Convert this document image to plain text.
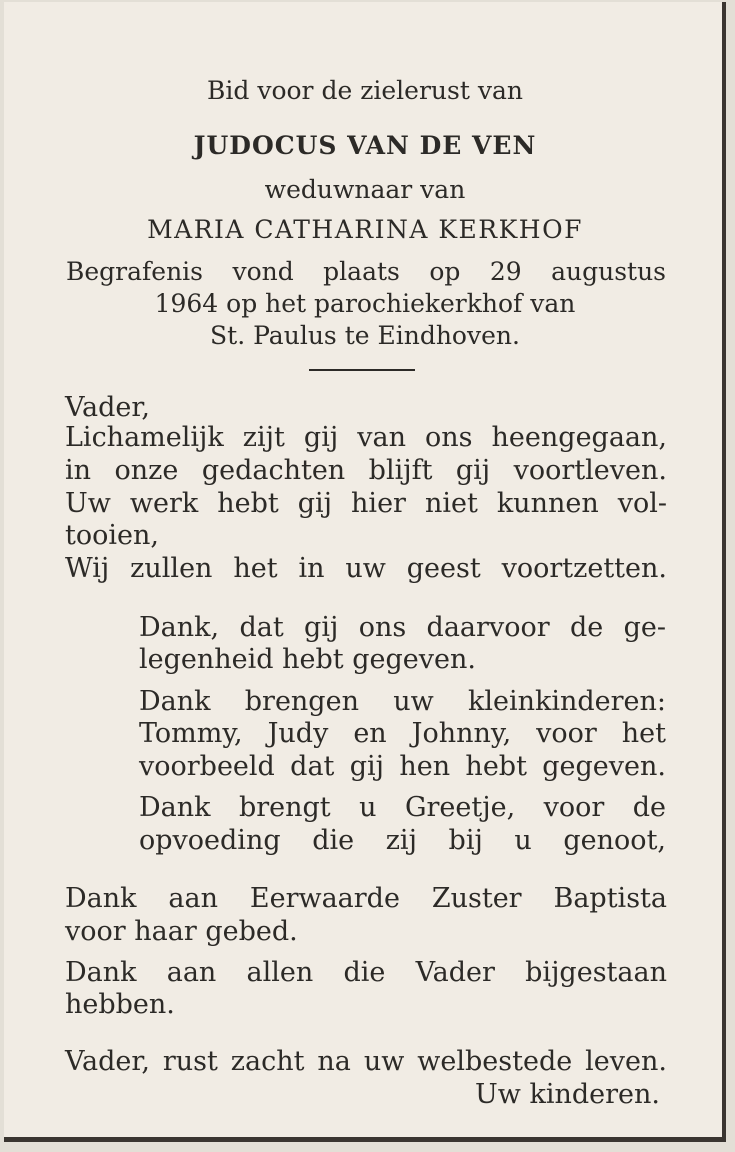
Bid voor de zielerust van

JUDOCUS VAN DE VEN

weduwnaar van

MARIA CATHARINA KERKHOF

Begrafenis vond plaats op 29 augustus

1964 op het parochiekerkhof van

St. Paulus te Eindhoven.

Vader,

Lichamelijk zijt gij van ons heengegaan,

in onze gedachten blijft gij voortleven.

Uw werk hebt gij hier niet kunnen vol-

tooien,

Wij zullen het in uw geest voortzetten.

Dank, dat gij ons daarvoor de ge-

legenheid hebt gegeven.

Dank brengen uw kleinkinderen:

Tommy, Judy en Johnny, voor het

voorbeeld dat gij hen hebt gegeven.

Dank brengt u Greetje, voor de

opvoeding die zij bij u genoot,

Dank aan Eerwaarde Zuster Baptista

voor haar gebed.

Dank aan allen die Vader bijgestaan

hebben.

Vader, rust zacht na uw welbestede leven.

Uw kinderen.
